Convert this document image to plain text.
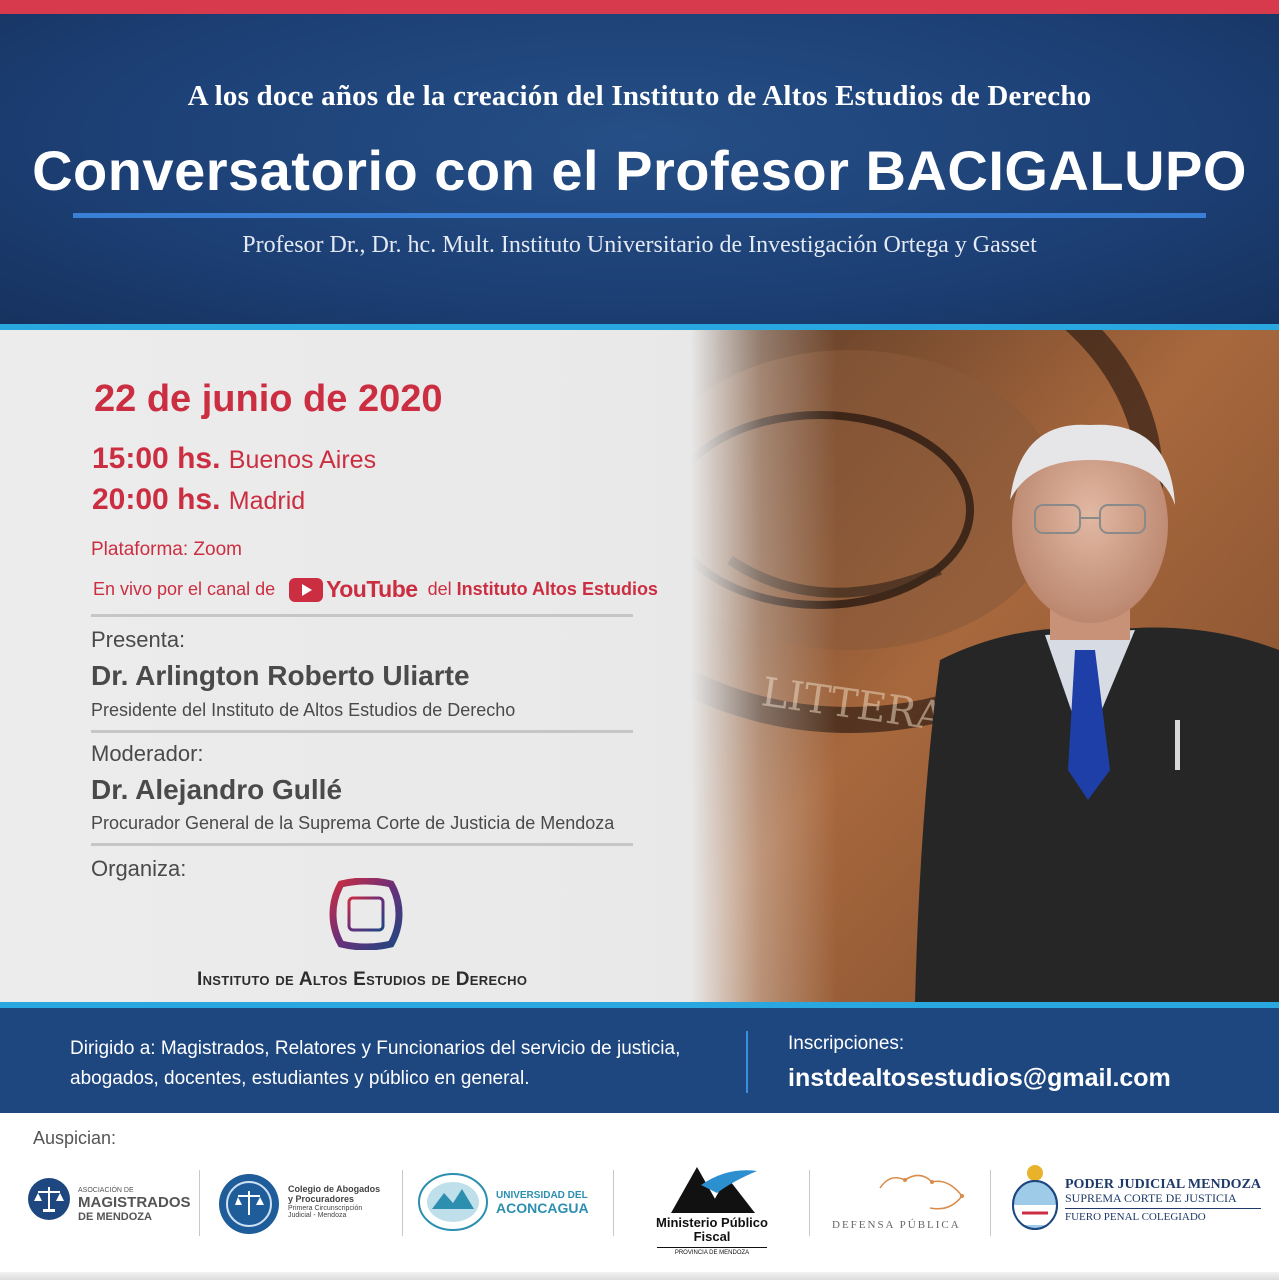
A los doce años de la creación del Instituto de Altos Estudios de Derecho
Conversatorio con el Profesor BACIGALUPO
Profesor Dr., Dr. hc. Mult. Instituto Universitario de Investigación Ortega y Gasset
22 de junio de 2020
15:00 hs. Buenos Aires
20:00 hs. Madrid
Plataforma: Zoom
En vivo por el canal de YouTube del
Instituto Altos Estudios
Presenta:
Dr. Arlington Roberto Uliarte
Presidente del Instituto de Altos Estudios de Derecho
Moderador:
Dr. Alejandro Gullé
Procurador General de la Suprema Corte de Justicia de Mendoza
Organiza:
Instituto de Altos Estudios de Derecho
Dirigido a: Magistrados, Relatores y Funcionarios del servicio de justicia,
abogados, docentes, estudiantes y público en general.
Inscripciones:
instdealtosestudios@gmail.com
Auspician:
ASOCIACIÓN DE
MAGISTRADOS
DE MENDOZA
Colegio de Abogados
y Procuradores
Primera Circunscripción
Judicial - Mendoza
UNIVERSIDAD DEL
ACONCAGUA
Ministerio Público Fiscal
PROVINCIA DE MENDOZA
DEFENSA PÚBLICA
PODER JUDICIAL MENDOZA
SUPREMA CORTE DE JUSTICIA
FUERO PENAL COLEGIADO
